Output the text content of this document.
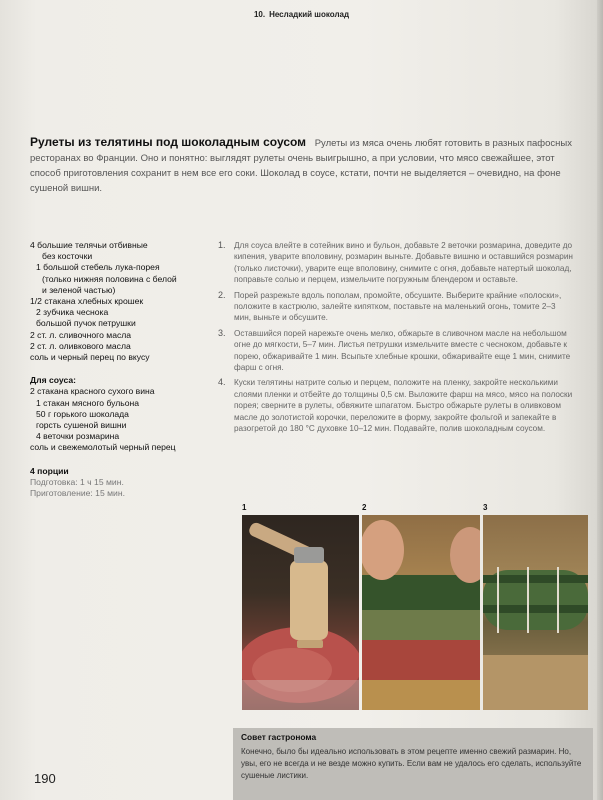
10. Несладкий шоколад
Рулеты из телятины под шоколадным соусом Рулеты из мяса очень любят готовить в разных пафосных ресторанах во Франции. Оно и понятно: выглядят рулеты очень выигрышно, а при условии, что мясо свежайшее, этот способ приготовления сохранит в нем все его соки. Шоколад в соусе, кстати, почти не выделяется – очевидно, на фоне сушеной вишни.
4 большие телячьи отбивные
без косточки
1 большой стебель лука-порея
(только нижняя половина с белой
и зеленой частью)
1/2 стакана хлебных крошек
2 зубчика чеснока
большой пучок петрушки
2 ст. л. сливочного масла
2 ст. л. оливкового масла
соль и черный перец по вкусу
Для соуса:
2 стакана красного сухого вина
1 стакан мясного бульона
50 г горького шоколада
горсть сушеной вишни
4 веточки розмарина
соль и свежемолотый черный перец
4 порции
Подготовка: 1 ч 15 мин.
Приготовление: 15 мин.
1.	Для соуса влейте в сотейник вино и бульон, добавьте 2 веточки розмарина, доведите до кипения, уварите вполовину, розмарин выньте. Добавьте вишню и оставшийся розмарин (только листочки), уварите еще вполовину, снимите с огня, добавьте натертый шоколад, поправьте солью и перцем, измельчите погружным блендером и оставьте.
2.	Порей разрежьте вдоль пополам, промойте, обсушите. Выберите крайние «полоски», положите в кастрюлю, залейте кипятком, поставьте на маленький огонь, томите 2–3 мин, выньте и обсушите.
3.	Оставшийся порей нарежьте очень мелко, обжарьте в сливочном масле на небольшом огне до мягкости, 5–7 мин. Листья петрушки измельчите вместе с чесноком, добавьте к порею, обжаривайте 1 мин. Всыпьте хлебные крошки, обжаривайте еще 1 мин, снимите фарш с огня.
4.	Куски телятины натрите солью и перцем, положите на пленку, закройте несколькими слоями пленки и отбейте до толщины 0,5 см. Выложите фарш на мясо, мясо на полоски порея; сверните в рулеты, обвяжите шпагатом. Быстро обжарьте рулеты в оливковом масле до золотистой корочки, переложите в форму, закройте фольгой и запекайте в разогретой до 180 °С духовке 10–12 мин. Подавайте, полив шоколадным соусом.
1	2	3
Совет гастронома
Конечно, было бы идеально использовать в этом рецепте именно свежий размарин. Но, увы, его не всегда и не везде можно купить. Если вам не удалось его сделать, используйте сушеные листики.
190
